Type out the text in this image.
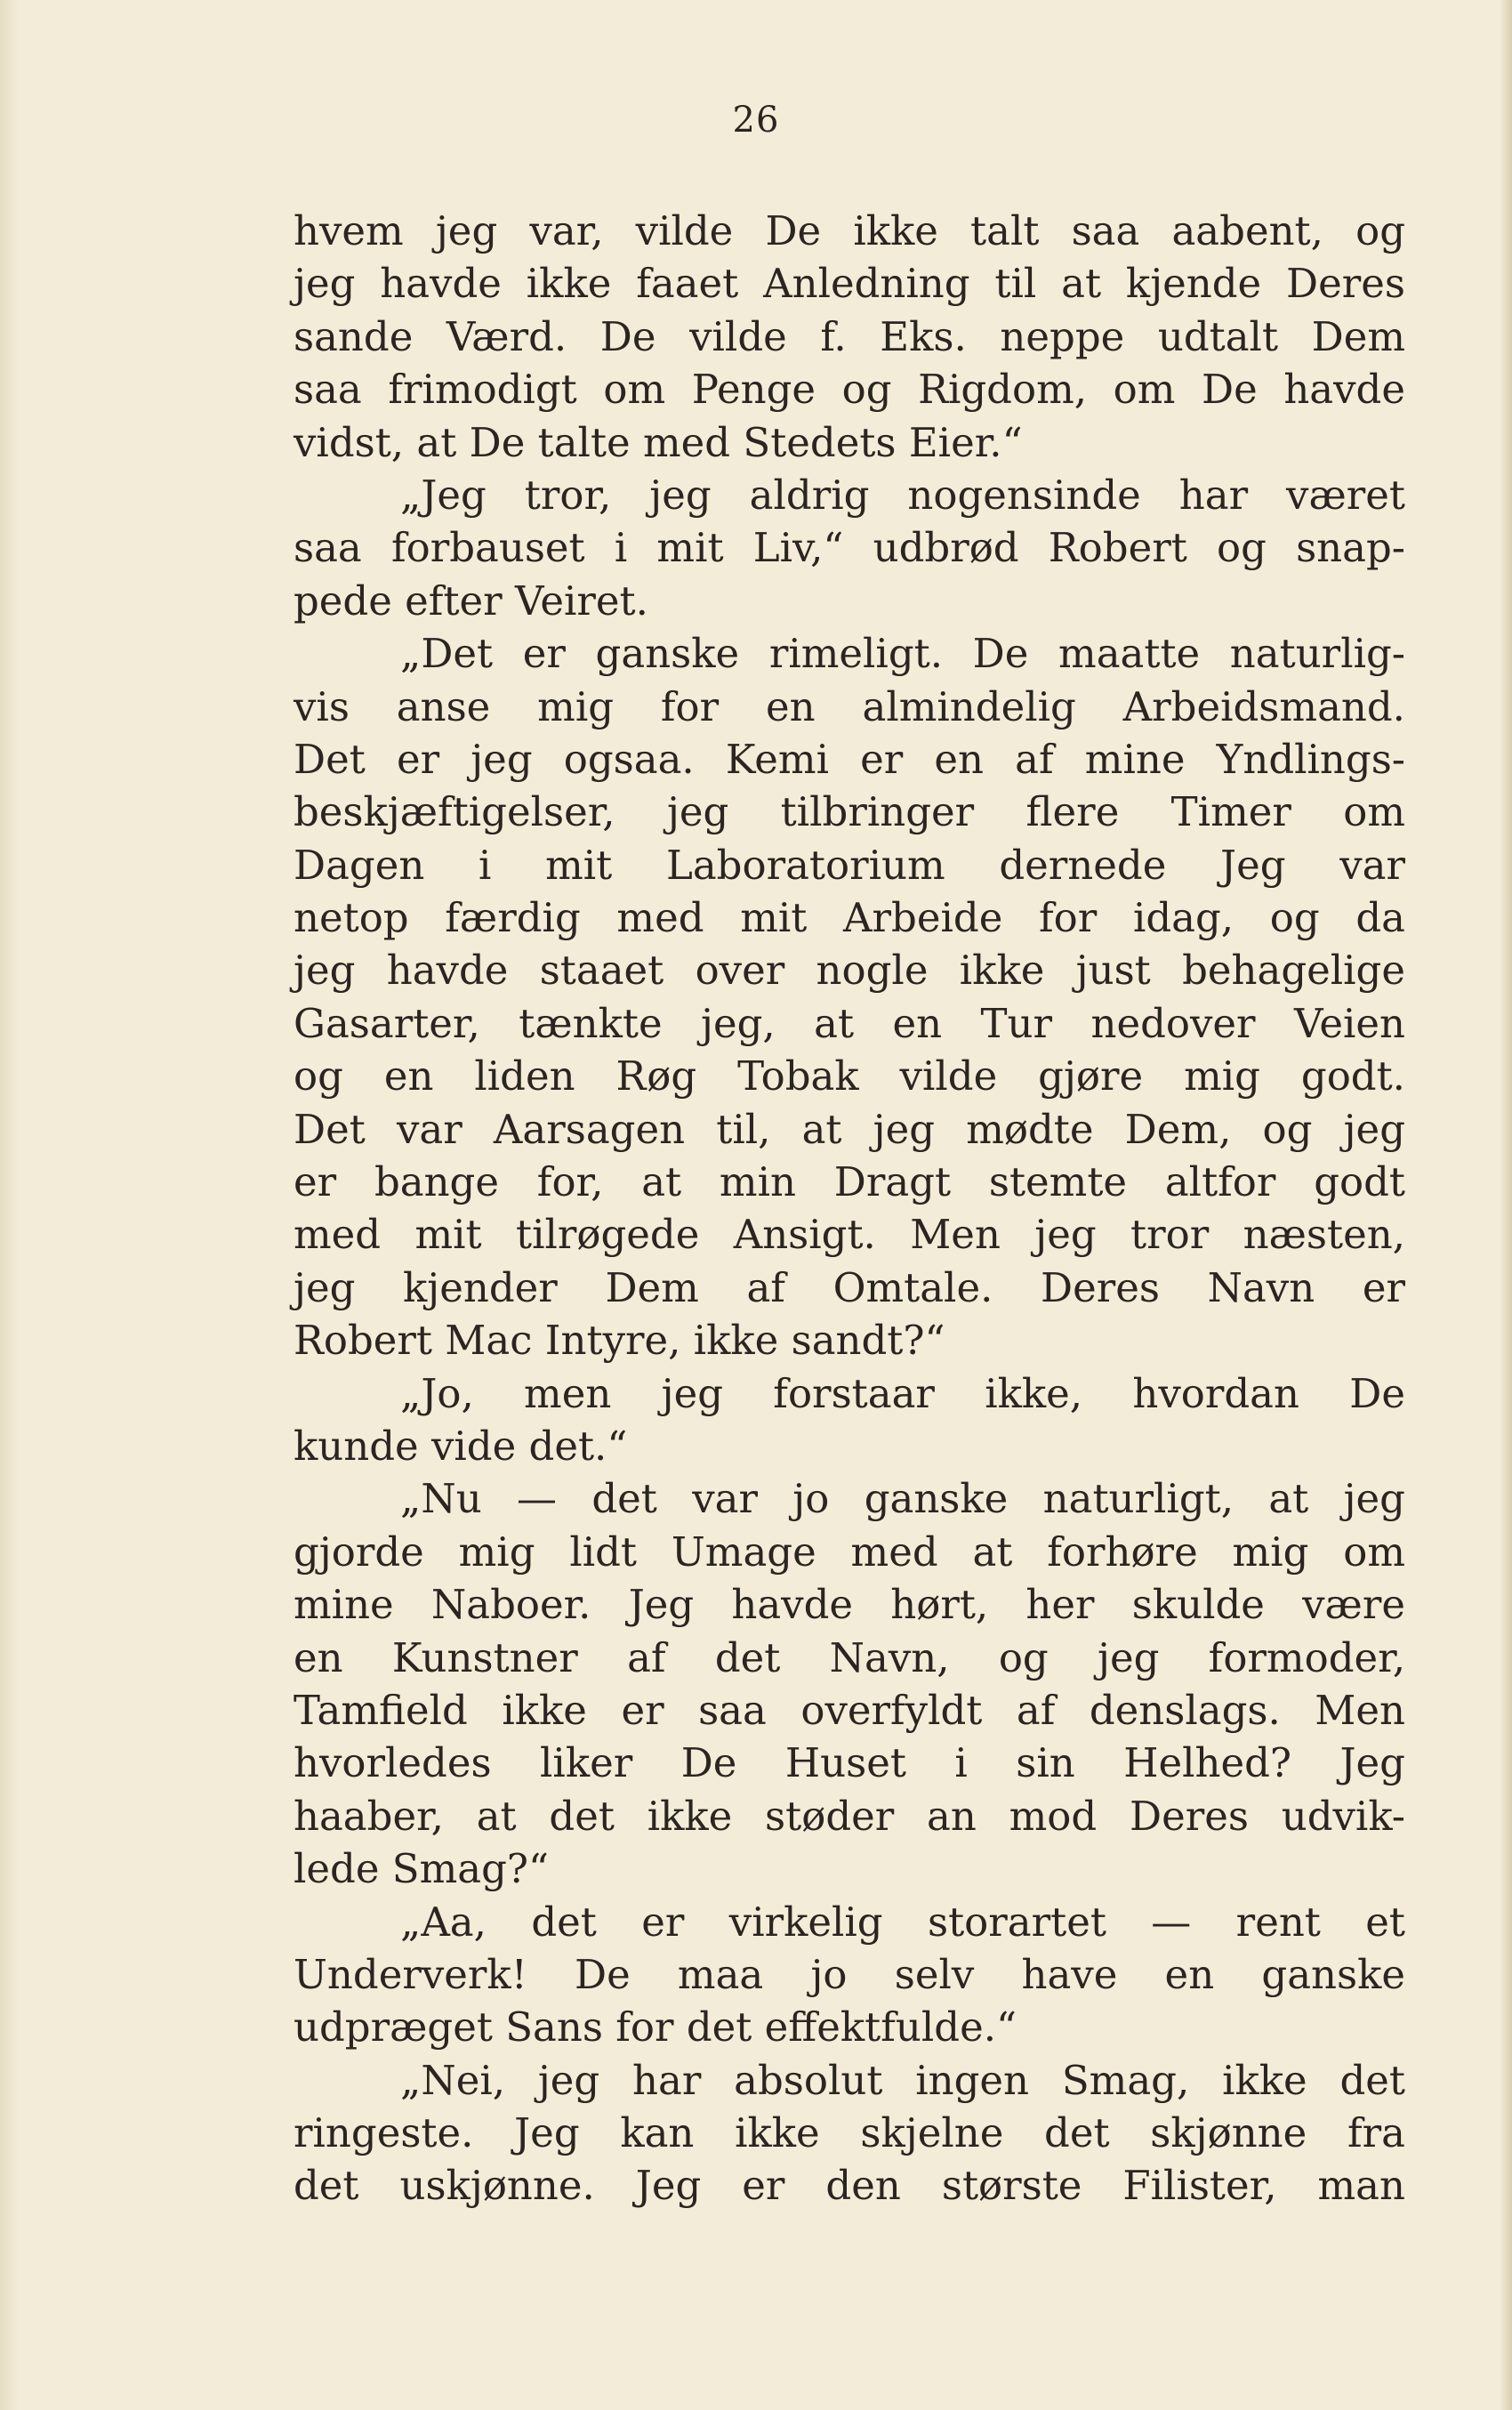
26
hvem jeg var, vilde De ikke talt saa aabent, og
jeg havde ikke faaet Anledning til at kjende Deres
sande Værd. De vilde f. Eks. neppe udtalt Dem
saa frimodigt om Penge og Rigdom, om De havde
vidst, at De talte med Stedets Eier.“
„Jeg tror, jeg aldrig nogensinde har været
saa forbauset i mit Liv,“ udbrød Robert og snap-
pede efter Veiret.
„Det er ganske rimeligt. De maatte naturlig-
vis anse mig for en almindelig Arbeidsmand.
Det er jeg ogsaa. Kemi er en af mine Yndlings-
beskjæftigelser, jeg tilbringer flere Timer om
Dagen i mit Laboratorium dernede Jeg var
netop færdig med mit Arbeide for idag, og da
jeg havde staaet over nogle ikke just behagelige
Gasarter, tænkte jeg, at en Tur nedover Veien
og en liden Røg Tobak vilde gjøre mig godt.
Det var Aarsagen til, at jeg mødte Dem, og jeg
er bange for, at min Dragt stemte altfor godt
med mit tilrøgede Ansigt. Men jeg tror næsten,
jeg kjender Dem af Omtale. Deres Navn er
Robert Mac Intyre, ikke sandt?“
„Jo, men jeg forstaar ikke, hvordan De
kunde vide det.“
„Nu — det var jo ganske naturligt, at jeg
gjorde mig lidt Umage med at forhøre mig om
mine Naboer. Jeg havde hørt, her skulde være
en Kunstner af det Navn, og jeg formoder,
Tamfield ikke er saa overfyldt af denslags. Men
hvorledes liker De Huset i sin Helhed? Jeg
haaber, at det ikke støder an mod Deres udvik-
lede Smag?“
„Aa, det er virkelig storartet — rent et
Underverk! De maa jo selv have en ganske
udpræget Sans for det effektfulde.“
„Nei, jeg har absolut ingen Smag, ikke det
ringeste. Jeg kan ikke skjelne det skjønne fra
det uskjønne. Jeg er den største Filister, man
